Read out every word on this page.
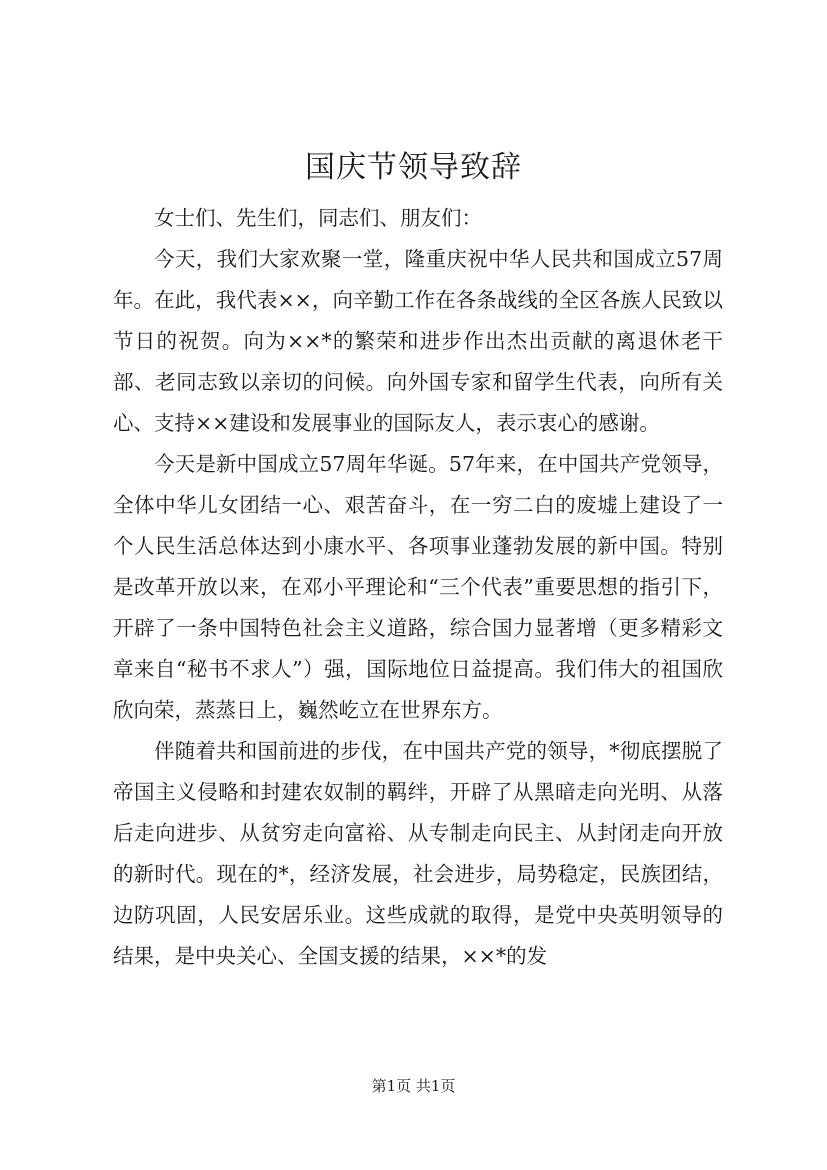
国庆节领导致辞

女士们、先生们，同志们、朋友们：

今天，我们大家欢聚一堂，隆重庆祝中华人民共和国成立57周年。在此，我代表××，向辛勤工作在各条战线的全区各族人民致以节日的祝贺。向为××*的繁荣和进步作出杰出贡献的离退休老干部、老同志致以亲切的问候。向外国专家和留学生代表，向所有关心、支持××建设和发展事业的国际友人，表示衷心的感谢。

今天是新中国成立57周年华诞。57年来，在中国共产党领导，全体中华儿女团结一心、艰苦奋斗，在一穷二白的废墟上建设了一个人民生活总体达到小康水平、各项事业蓬勃发展的新中国。特别是改革开放以来，在邓小平理论和“三个代表”重要思想的指引下，开辟了一条中国特色社会主义道路，综合国力显著增（更多精彩文章来自“秘书不求人”）强，国际地位日益提高。我们伟大的祖国欣欣向荣，蒸蒸日上，巍然屹立在世界东方。

伴随着共和国前进的步伐，在中国共产党的领导，*彻底摆脱了帝国主义侵略和封建农奴制的羁绊，开辟了从黑暗走向光明、从落后走向进步、从贫穷走向富裕、从专制走向民主、从封闭走向开放的新时代。现在的*，经济发展，社会进步，局势稳定，民族团结，边防巩固，人民安居乐业。这些成就的取得，是党中央英明领导的结果，是中央关心、全国支援的结果，××*的发

第1页 共1页
